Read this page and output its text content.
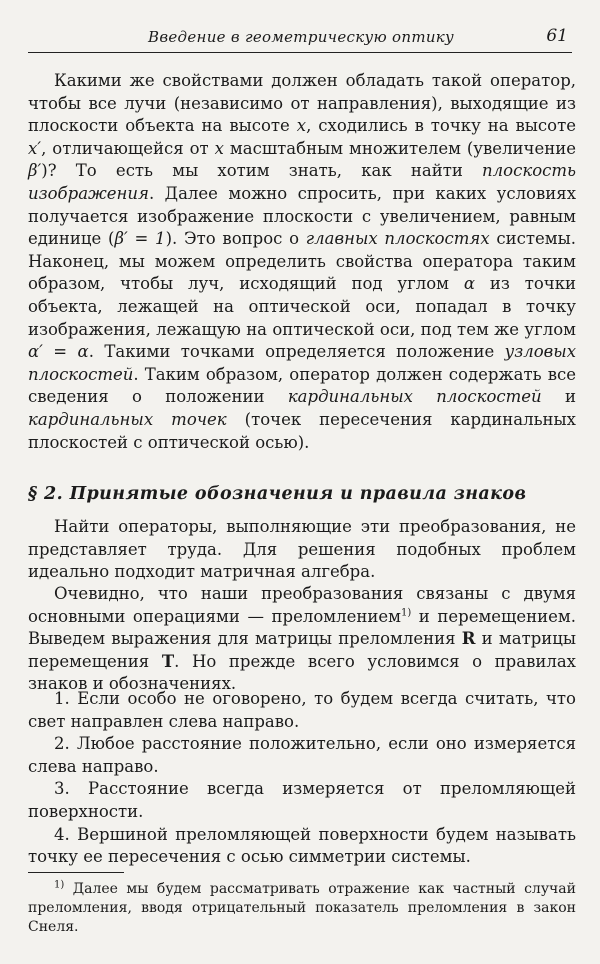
Введение в геометрическую оптику	61

Какими же свойствами должен обладать такой оператор, чтобы все лучи (независимо от направления), выходящие из плоскости объекта на высоте x, сходились в точку на высоте x′, отличающейся от x масштабным множителем (увеличение β′)? То есть мы хотим знать, как найти плоскость изображения. Далее можно спросить, при каких условиях получается изображение плоскости с увеличением, равным единице (β′ = 1). Это вопрос о главных плоскостях системы. Наконец, мы можем определить свойства оператора таким образом, чтобы луч, исходящий под углом α из точки объекта, лежащей на оптической оси, попадал в точку изображения, лежащую на оптической оси, под тем же углом α′ = α. Такими точками определяется положение узловых плоскостей. Таким образом, оператор должен содержать все сведения о положении кардинальных плоскостей и кардинальных точек (точек пересечения кардинальных плоскостей с оптической осью).

§ 2. Принятые обозначения и правила знаков

Найти операторы, выполняющие эти преобразования, не представляет труда. Для решения подобных проблем идеально подходит матричная алгебра.

Очевидно, что наши преобразования связаны с двумя основными операциями — преломлением$^{1)}$ и перемещением. Выведем выражения для матрицы преломления R и матрицы перемещения T. Но прежде всего условимся о правилах знаков и обозначениях.

1. Если особо не оговорено, то будем всегда считать, что свет направлен слева направо.
2. Любое расстояние положительно, если оно измеряется слева направо.
3. Расстояние всегда измеряется от преломляющей поверхности.
4. Вершиной преломляющей поверхности будем называть точку ее пересечения с осью симметрии системы.

$^{1)}$ Далее мы будем рассматривать отражение как частный случай преломления, вводя отрицательный показатель преломления в закон Снеля.
